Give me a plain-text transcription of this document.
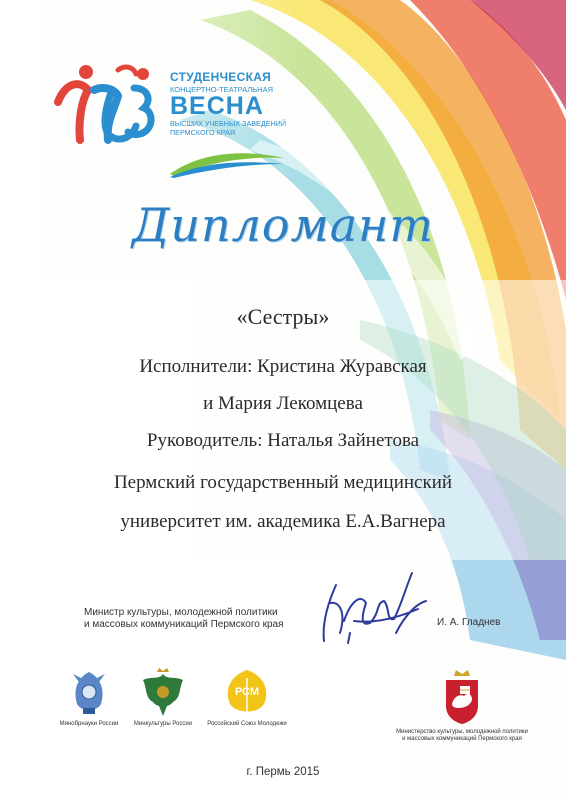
СТУДЕНЧЕСКАЯ
КОНЦЕРТНО-ТЕАТРАЛЬНАЯ
ВЕСНА
ВЫСШИХ УЧЕБНЫХ ЗАВЕДЕНИЙ
ПЕРМСКОГО КРАЯ
Дипломант
«Сестры»
Исполнители: Кристина Журавская
и Мария Лекомцева
Руководитель: Наталья Зайнетова
Пермский государственный медицинский
университет им. академика Е.А.Вагнера
Министр культуры, молодежной политики
и массовых коммуникаций Пермского края	И. А. Гладнев
Минобрнауки России	Минкультуры России
РСМ
Российский Союз Молодежи
Министерство культуры, молодежной политики
и массовых коммуникаций Пермского края
г. Пермь 2015
